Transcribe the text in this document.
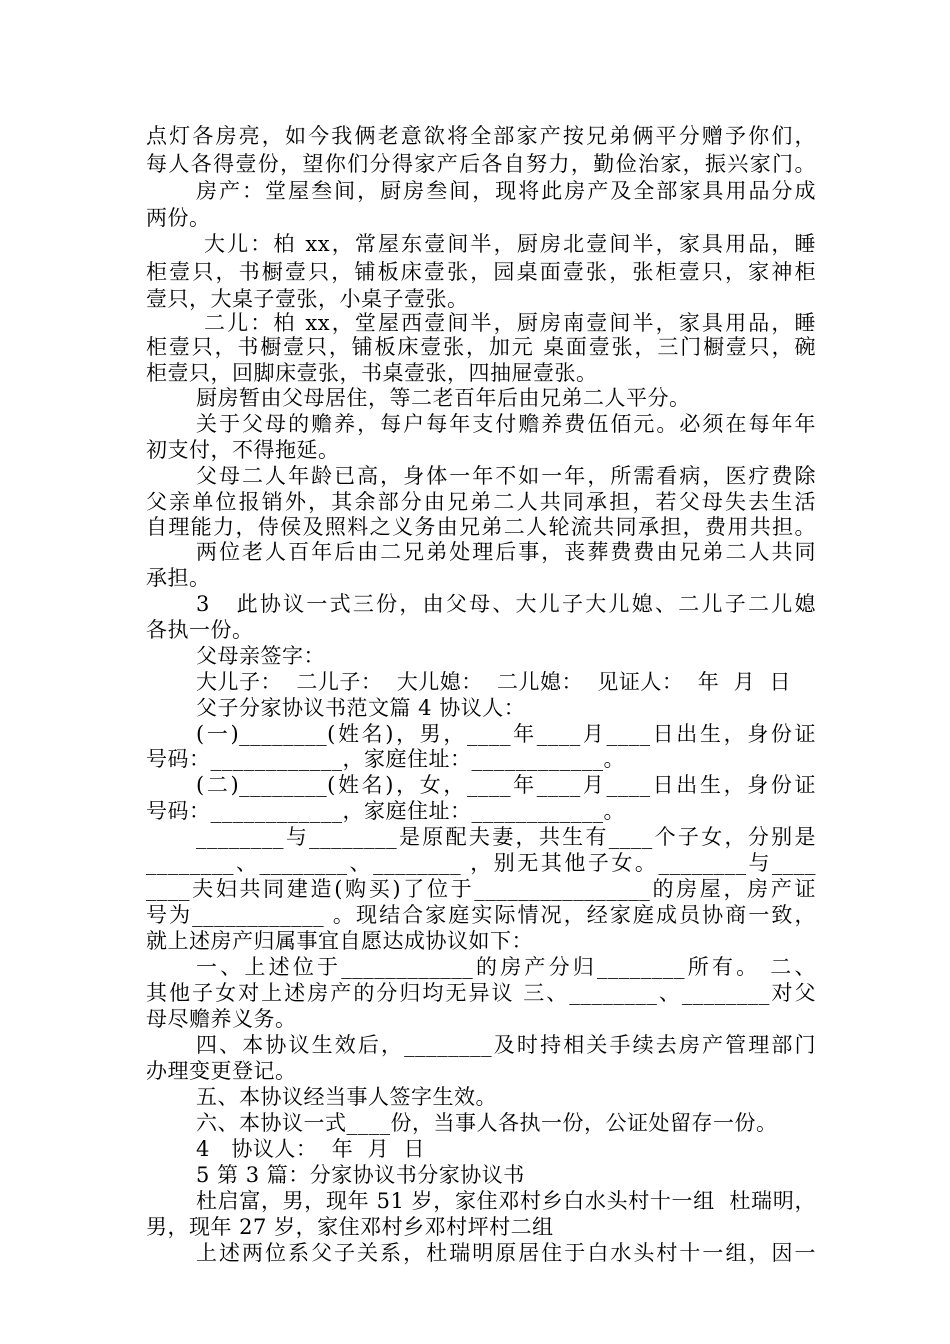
点灯各房亮，如今我俩老意欲将全部家产按兄弟俩平分赠予你们，
每人各得壹份，望你们分得家产后各自努力，勤俭治家，振兴家门。
房产：堂屋叁间，厨房叁间，现将此房产及全部家具用品分成
两份。
大儿：柏 xx，常屋东壹间半，厨房北壹间半，家具用品，睡
柜壹只，书橱壹只，铺板床壹张，园桌面壹张，张柜壹只，家神柜
壹只，大桌子壹张，小桌子壹张。
二儿：柏 xx，堂屋西壹间半，厨房南壹间半，家具用品，睡
柜壹只，书橱壹只，铺板床壹张，加元 桌面壹张，三门橱壹只，碗
柜壹只，回脚床壹张，书桌壹张，四抽屉壹张。
厨房暂由父母居住，等二老百年后由兄弟二人平分。
关于父母的赡养，每户每年支付赡养费伍佰元。必须在每年年
初支付，不得拖延。
父母二人年龄已高，身体一年不如一年，所需看病，医疗费除
父亲单位报销外，其余部分由兄弟二人共同承担，若父母失去生活
自理能力，侍侯及照料之义务由兄弟二人轮流共同承担，费用共担。
两位老人百年后由二兄弟处理后事，丧葬费费由兄弟二人共同
承担。
3   此协议一式三份，由父母、大儿子大儿媳、二儿子二儿媳
各执一份。
父母亲签字：
大儿子：  二儿子：  大儿媳：  二儿媳：  见证人：  年  月  日
父子分家协议书范文篇 4 协议人：
(一)________(姓名)，男，____年____月____日出生，身份证
号码：____________，家庭住址：____________。
(二)________(姓名)，女，____年____月____日出生，身份证
号码：____________，家庭住址：____________。
________与________是原配夫妻，共生有____个子女，分别是
________、________、________ ，别无其他子女。________与____
____夫妇共同建造(购买)了位于________________的房屋，房产证
号为____________ 。现结合家庭实际情况，经家庭成员协商一致，
就上述房产归属事宜自愿达成协议如下：
一、上述位于____________的房产分归________所有。 二、
其他子女对上述房产的分归均无异议 三、________、________对父
母尽赡养义务。
四、本协议生效后，________及时持相关手续去房产管理部门
办理变更登记。
五、本协议经当事人签字生效。
六、本协议一式____份，当事人各执一份，公证处留存一份。
4   协议人：  年  月  日
5 第 3 篇：分家协议书分家协议书
杜启富，男，现年 51 岁，家住邓村乡白水头村十一组  杜瑞明，
男，现年 27 岁，家住邓村乡邓村坪村二组
上述两位系父子关系，杜瑞明原居住于白水头村十一组，因一
